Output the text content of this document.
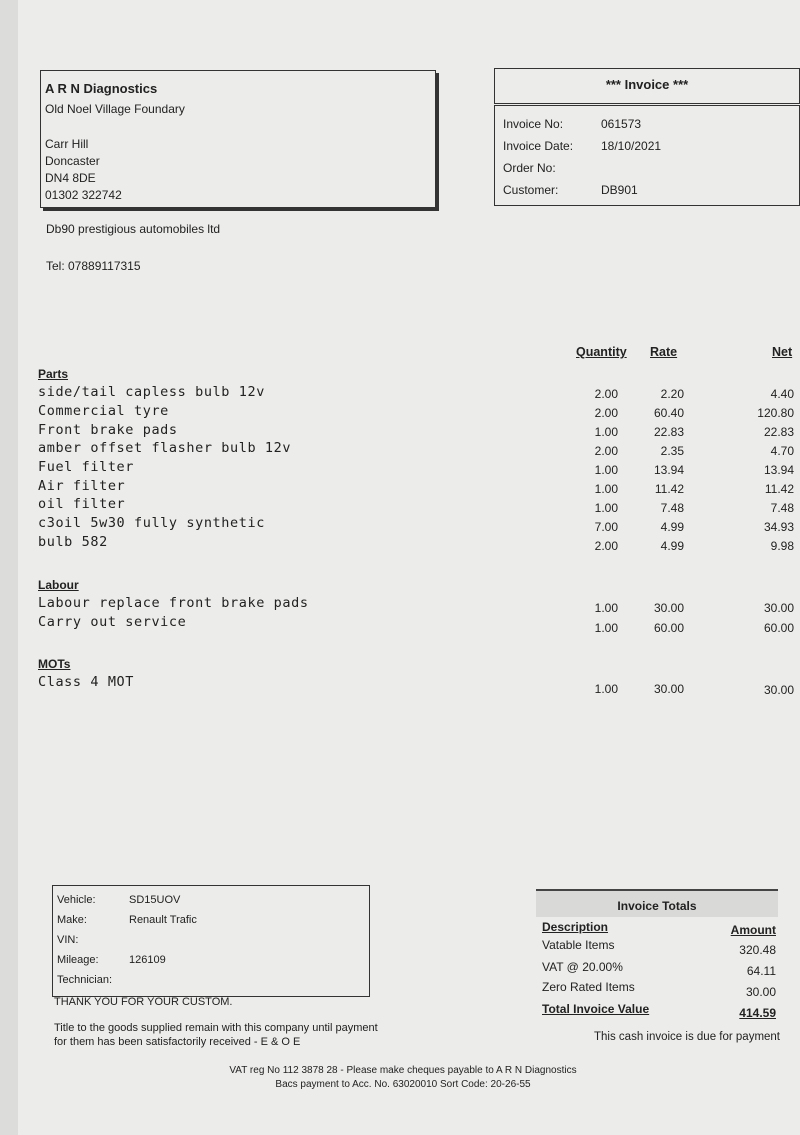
A R N Diagnostics
Old Noel Village Foundary
Carr Hill
Doncaster
DN4 8DE
01302 322742
*** Invoice ***
Invoice No:	061573
Invoice Date: 18/10/2021
Order No:
Customer:	DB901
Db90 prestigious automobiles ltd
Tel: 07889117315
Quantity Rate	Net
Parts
side/tail capless bulb 12v	2.00	2.20	4.40
Commercial tyre	2.00	60.40	120.80
Front brake pads	1.00	22.83	22.83
amber offset flasher bulb 12v	2.00	2.35	4.70
Fuel filter	1.00	13.94	13.94
Air filter	1.00	11.42	11.42
oil filter	1.00	7.48	7.48
c3oil 5w30 fully synthetic	7.00	4.99	34.93
bulb 582	2.00	4.99	9.98
Labour
Labour replace front brake pads	1.00	30.00	30.00
Carry out service	1.00	60.00	60.00
MOTs
Class 4 MOT	1.00	30.00	30.00
Vehicle:	SD15UOV
Make:	Renault Trafic
VIN:
Mileage:	126109
Technician:
THANK YOU FOR YOUR CUSTOM.
Title to the goods supplied remain with this company until payment
for them has been satisfactorily received - E & O E
Invoice Totals
Description	Amount
Vatable Items	320.48
VAT @ 20.00%	64.11
Zero Rated Items	30.00
Total Invoice Value	414.59
This cash invoice is due for payment
VAT reg No 112 3878 28 - Please make cheques payable to A R N Diagnostics
Bacs payment to Acc. No. 63020010 Sort Code: 20-26-55
